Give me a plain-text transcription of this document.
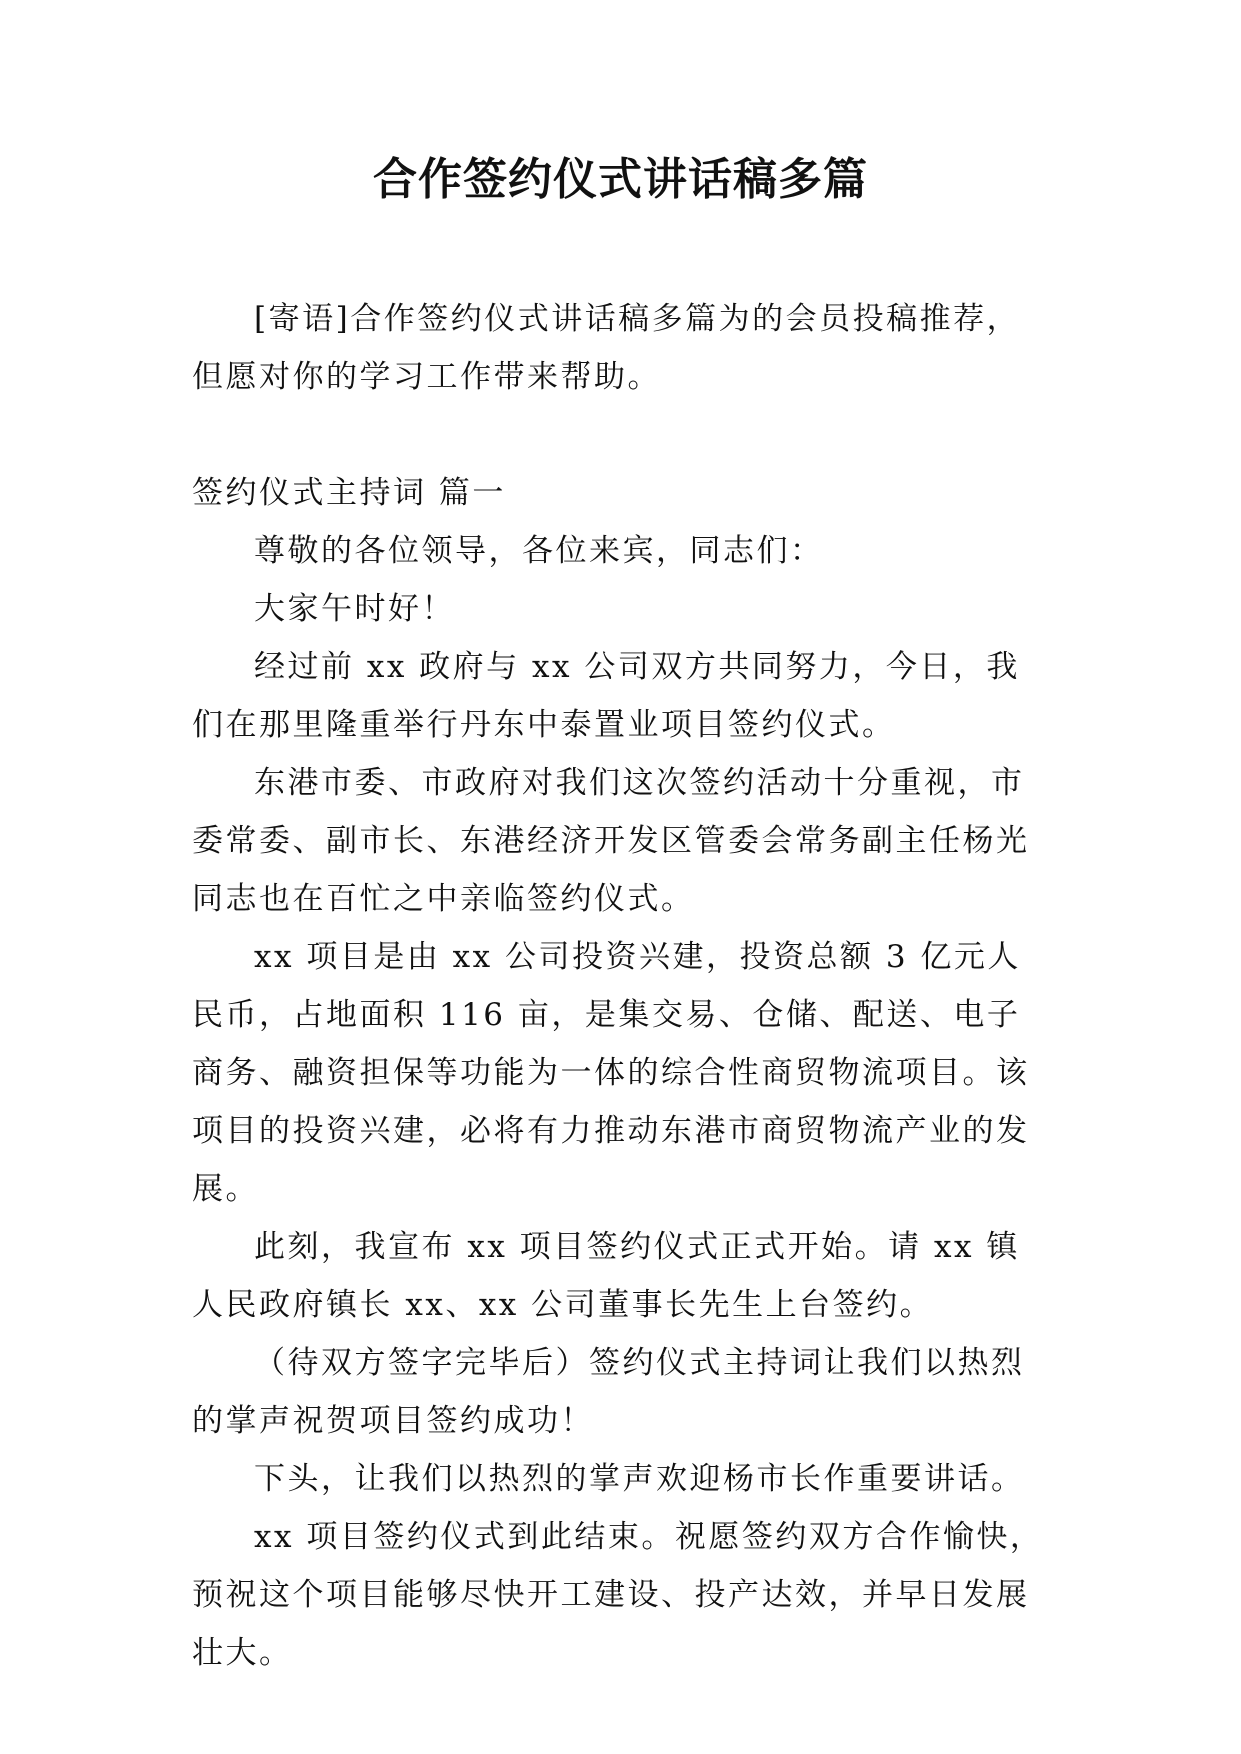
合作签约仪式讲话稿多篇

[寄语]合作签约仪式讲话稿多篇为的会员投稿推荐，但愿对你的学习工作带来帮助。

签约仪式主持词 篇一

尊敬的各位领导，各位来宾，同志们：

大家午时好！

经过前 xx 政府与 xx 公司双方共同努力，今日，我们在那里隆重举行丹东中泰置业项目签约仪式。

东港市委、市政府对我们这次签约活动十分重视，市委常委、副市长、东港经济开发区管委会常务副主任杨光同志也在百忙之中亲临签约仪式。

xx 项目是由 xx 公司投资兴建，投资总额 3 亿元人民币，占地面积 116 亩，是集交易、仓储、配送、电子商务、融资担保等功能为一体的综合性商贸物流项目。该项目的投资兴建，必将有力推动东港市商贸物流产业的发展。

此刻，我宣布 xx 项目签约仪式正式开始。请 xx 镇人民政府镇长 xx、xx 公司董事长先生上台签约。

（待双方签字完毕后）签约仪式主持词让我们以热烈的掌声祝贺项目签约成功！

下头，让我们以热烈的掌声欢迎杨市长作重要讲话。

xx 项目签约仪式到此结束。祝愿签约双方合作愉快，预祝这个项目能够尽快开工建设、投产达效，并早日发展壮大。
